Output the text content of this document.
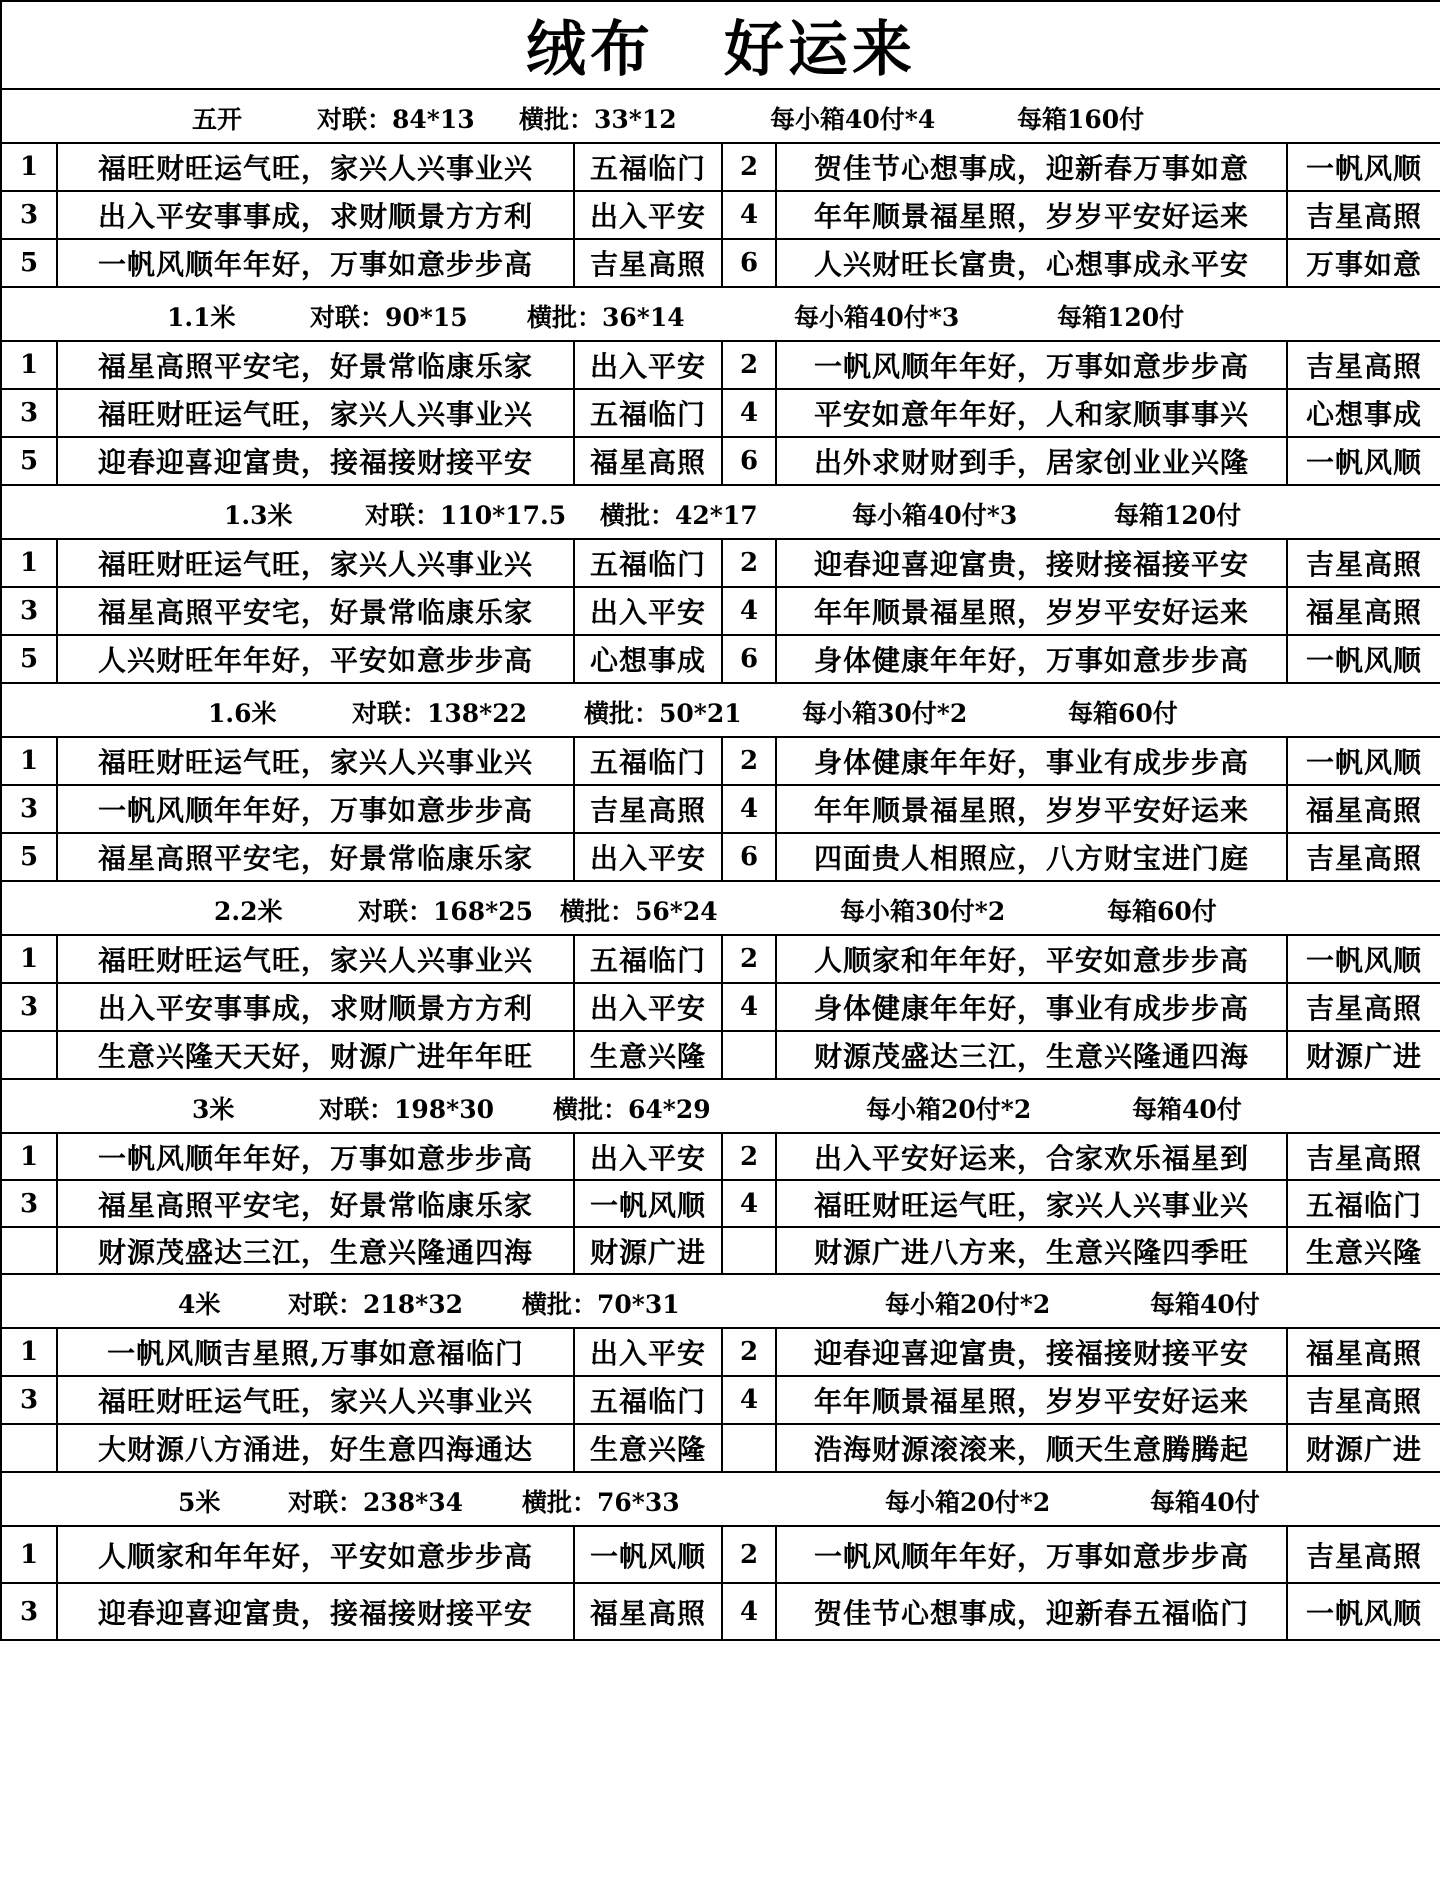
绒布 好运来					

五开 对联：84*13 横批：33*12 每小箱40付*4 每箱160付					

1	福旺财旺运气旺，家兴人兴事业兴	五福临门	2	贺佳节心想事成，迎新春万事如意	一帆风顺
3	出入平安事事成，求财顺景方方利	出入平安	4	年年顺景福星照，岁岁平安好运来	吉星高照
5	一帆风顺年年好，万事如意步步高	吉星高照	6	人兴财旺长富贵，心想事成永平安	万事如意

1.1米 对联：90*15 横批：36*14 每小箱40付*3 每箱120付					

1	福星高照平安宅，好景常临康乐家	出入平安	2	一帆风顺年年好，万事如意步步高	吉星高照
3	福旺财旺运气旺，家兴人兴事业兴	五福临门	4	平安如意年年好，人和家顺事事兴	心想事成
5	迎春迎喜迎富贵，接福接财接平安	福星高照	6	出外求财财到手，居家创业业兴隆	一帆风顺

1.3米 对联：110*17.5 横批：42*17 每小箱40付*3 每箱120付					

1	福旺财旺运气旺，家兴人兴事业兴	五福临门	2	迎春迎喜迎富贵，接财接福接平安	吉星高照
3	福星高照平安宅，好景常临康乐家	出入平安	4	年年顺景福星照，岁岁平安好运来	福星高照
5	人兴财旺年年好，平安如意步步高	心想事成	6	身体健康年年好，万事如意步步高	一帆风顺

1.6米 对联：138*22 横批：50*21 每小箱30付*2 每箱60付					

1	福旺财旺运气旺，家兴人兴事业兴	五福临门	2	身体健康年年好，事业有成步步高	一帆风顺
3	一帆风顺年年好，万事如意步步高	吉星高照	4	年年顺景福星照，岁岁平安好运来	福星高照
5	福星高照平安宅，好景常临康乐家	出入平安	6	四面贵人相照应，八方财宝进门庭	吉星高照

2.2米 对联：168*25 横批：56*24 每小箱30付*2 每箱60付					

1	福旺财旺运气旺，家兴人兴事业兴	五福临门	2	人顺家和年年好，平安如意步步高	一帆风顺
3	出入平安事事成，求财顺景方方利	出入平安	4	身体健康年年好，事业有成步步高	吉星高照
	生意兴隆天天好，财源广进年年旺	生意兴隆		财源茂盛达三江，生意兴隆通四海	财源广进

3米 对联：198*30 横批：64*29 每小箱20付*2 每箱40付					

1	一帆风顺年年好，万事如意步步高	出入平安	2	出入平安好运来，合家欢乐福星到	吉星高照
3	福星高照平安宅，好景常临康乐家	一帆风顺	4	福旺财旺运气旺，家兴人兴事业兴	五福临门
	财源茂盛达三江，生意兴隆通四海	财源广进		财源广进八方来，生意兴隆四季旺	生意兴隆

4米 对联：218*32 横批：70*31 每小箱20付*2 每箱40付					

1	一帆风顺吉星照,万事如意福临门	出入平安	2	迎春迎喜迎富贵，接福接财接平安	福星高照
3	福旺财旺运气旺，家兴人兴事业兴	五福临门	4	年年顺景福星照，岁岁平安好运来	吉星高照
	大财源八方涌进，好生意四海通达	生意兴隆		浩海财源滚滚来，顺天生意腾腾起	财源广进

5米 对联：238*34 横批：76*33 每小箱20付*2 每箱40付					

1	人顺家和年年好，平安如意步步高	一帆风顺	2	一帆风顺年年好，万事如意步步高	吉星高照
3	迎春迎喜迎富贵，接福接财接平安	福星高照	4	贺佳节心想事成，迎新春五福临门	一帆风顺
